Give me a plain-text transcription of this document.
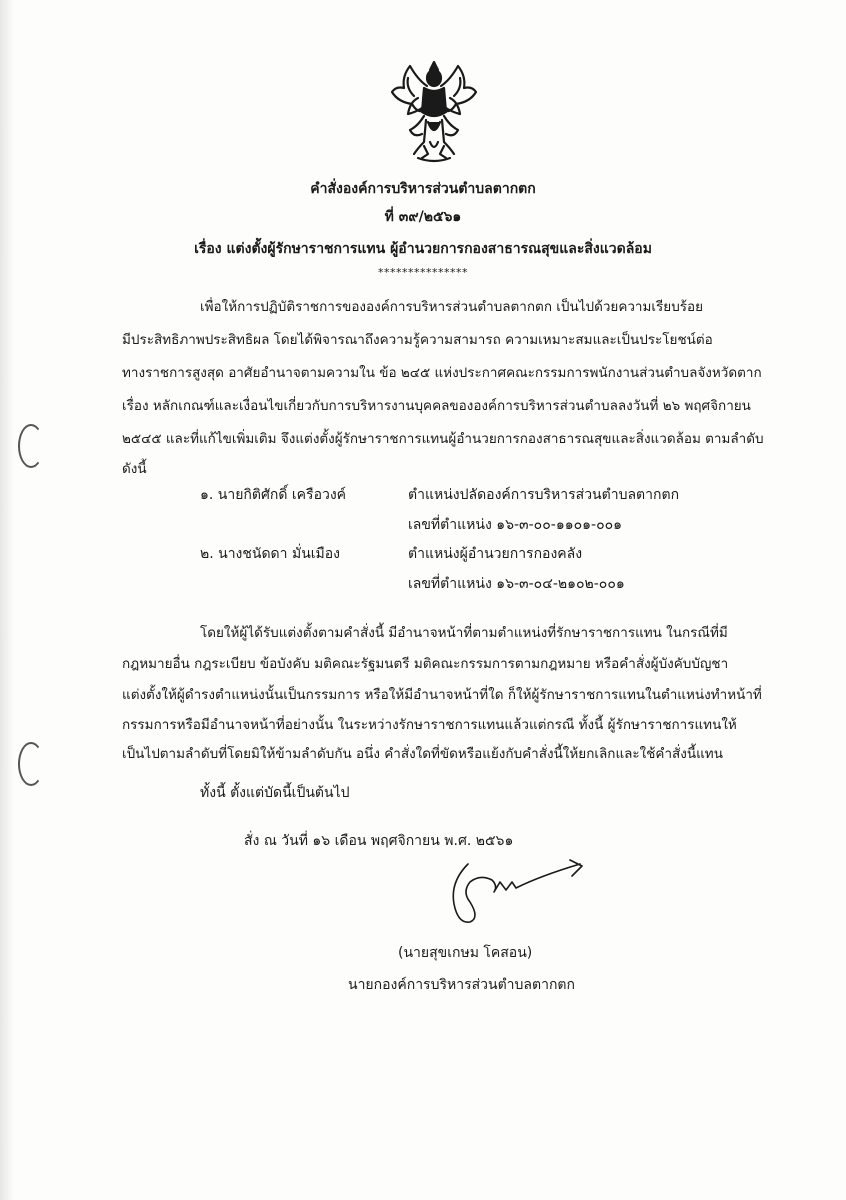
คำสั่งองค์การบริหารส่วนตำบลตากตก
ที่ ๓๙/๒๕๖๑
เรื่อง แต่งตั้งผู้รักษาราชการแทน ผู้อำนวยการกองสาธารณสุขและสิ่งแวดล้อม
***************
เพื่อให้การปฏิบัติราชการขององค์การบริหารส่วนตำบลตากตก เป็นไปด้วยความเรียบร้อย
มีประสิทธิภาพประสิทธิผล โดยได้พิจารณาถึงความรู้ความสามารถ ความเหมาะสมและเป็นประโยชน์ต่อ
ทางราชการสูงสุด อาศัยอำนาจตามความใน ข้อ ๒๔๕ แห่งประกาศคณะกรรมการพนักงานส่วนตำบลจังหวัดตาก
เรื่อง หลักเกณฑ์และเงื่อนไขเกี่ยวกับการบริหารงานบุคคลขององค์การบริหารส่วนตำบลลงวันที่ ๒๖ พฤศจิกายน
๒๕๔๕ และที่แก้ไขเพิ่มเติม จึงแต่งตั้งผู้รักษาราชการแทนผู้อำนวยการกองสาธารณสุขและสิ่งแวดล้อม ตามลำดับ
ดังนี้
๑. นายกิติศักดิ์ เครือวงค์	ตำแหน่งปลัดองค์การบริหารส่วนตำบลตากตก
เลขที่ตำแหน่ง ๑๖-๓-๐๐-๑๑๐๑-๐๐๑
๒. นางชนัดดา มั่นเมือง	ตำแหน่งผู้อำนวยการกองคลัง
เลขที่ตำแหน่ง ๑๖-๓-๐๔-๒๑๐๒-๐๐๑
โดยให้ผู้ได้รับแต่งตั้งตามคำสั่งนี้ มีอำนาจหน้าที่ตามตำแหน่งที่รักษาราชการแทน ในกรณีที่มี
กฎหมายอื่น กฎระเบียบ ข้อบังคับ มติคณะรัฐมนตรี มติคณะกรรมการตามกฎหมาย หรือคำสั่งผู้บังคับบัญชา
แต่งตั้งให้ผู้ดำรงตำแหน่งนั้นเป็นกรรมการ หรือให้มีอำนาจหน้าที่ใด ก็ให้ผู้รักษาราชการแทนในตำแหน่งทำหน้าที่
กรรมการหรือมีอำนาจหน้าที่อย่างนั้น ในระหว่างรักษาราชการแทนแล้วแต่กรณี ทั้งนี้ ผู้รักษาราชการแทนให้
เป็นไปตามลำดับที่โดยมิให้ข้ามลำดับกัน อนึ่ง คำสั่งใดที่ขัดหรือแย้งกับคำสั่งนี้ให้ยกเลิกและใช้คำสั่งนี้แทน
ทั้งนี้ ตั้งแต่บัดนี้เป็นต้นไป
สั่ง ณ วันที่ ๑๖ เดือน พฤศจิกายน พ.ศ. ๒๕๖๑
(นายสุขเกษม โคสอน)
นายกองค์การบริหารส่วนตำบลตากตก
